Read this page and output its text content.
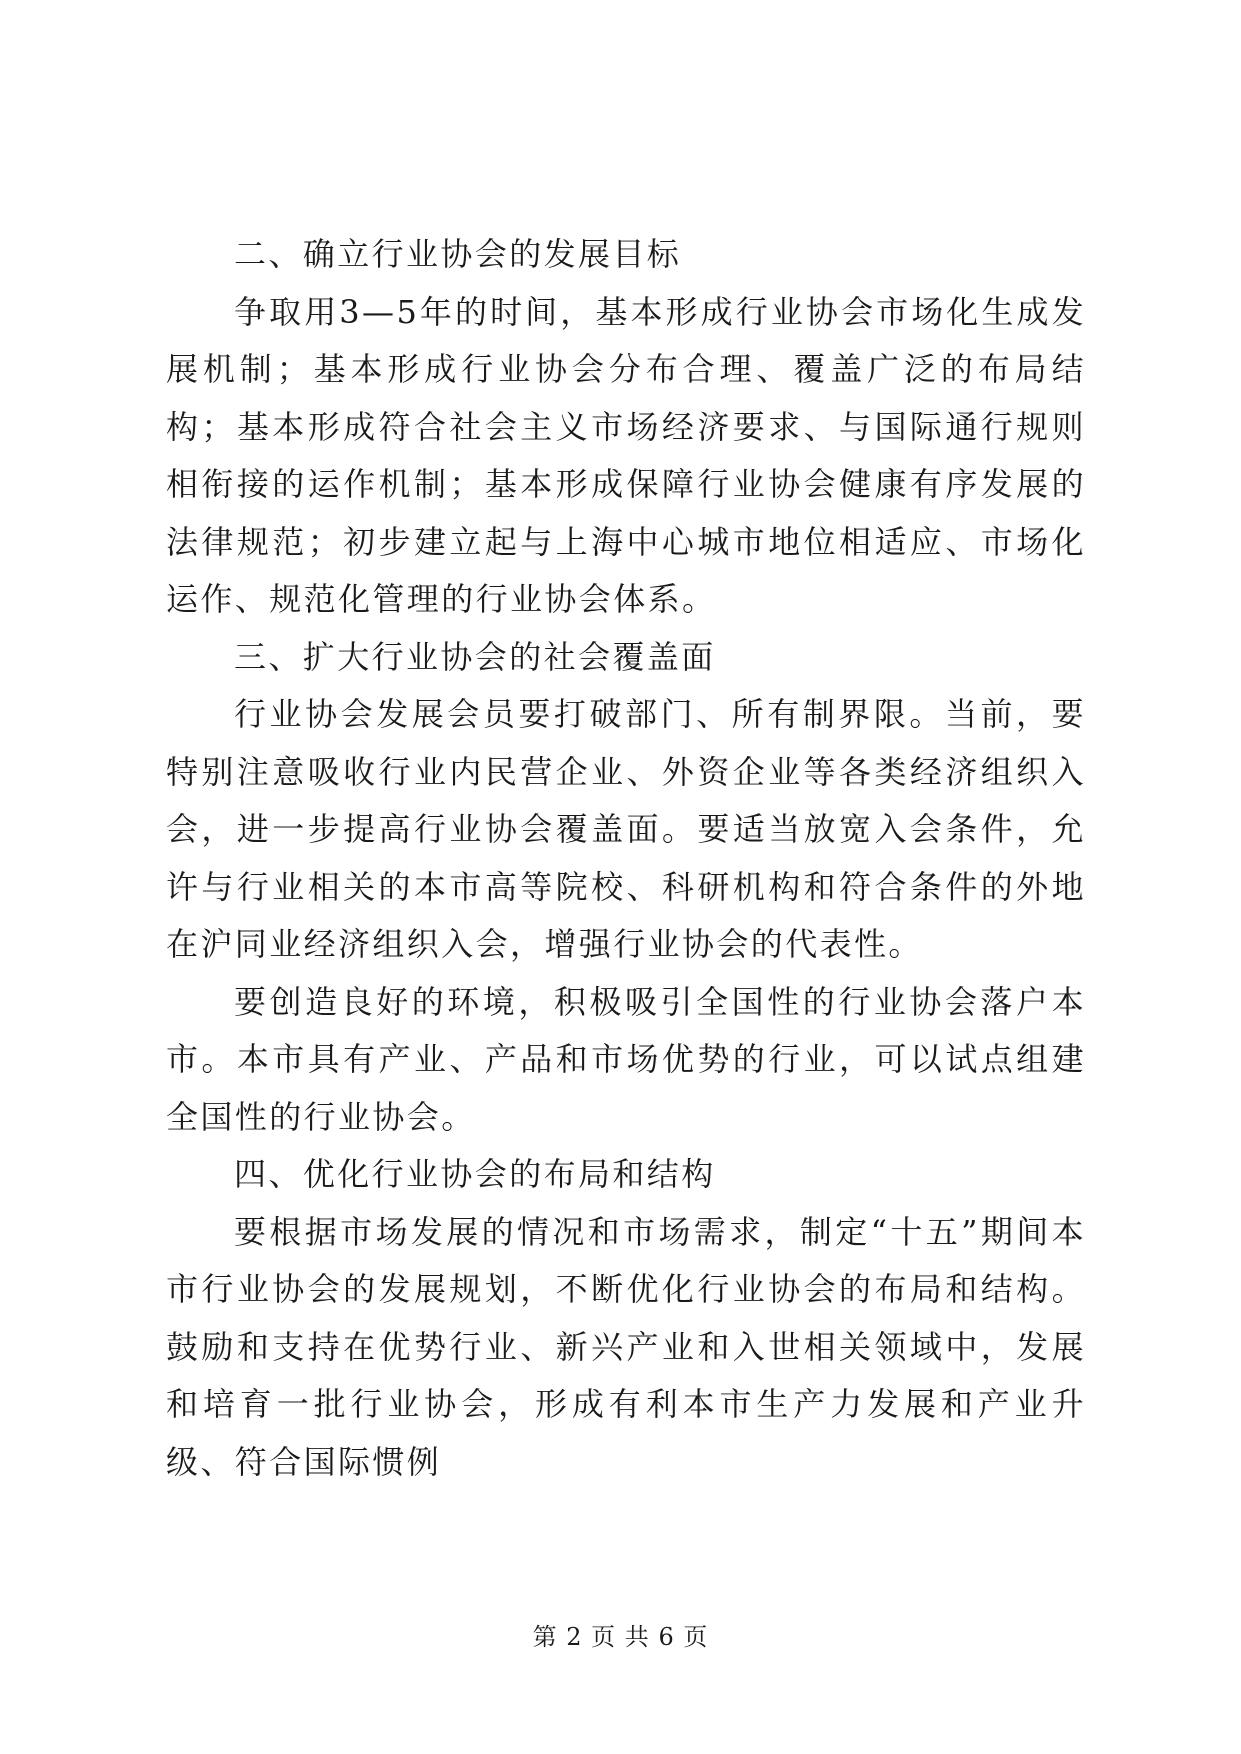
二、确立行业协会的发展目标

争取用3—5年的时间，基本形成行业协会市场化生成发展机制；基本形成行业协会分布合理、覆盖广泛的布局结构；基本形成符合社会主义市场经济要求、与国际通行规则相衔接的运作机制；基本形成保障行业协会健康有序发展的法律规范；初步建立起与上海中心城市地位相适应、市场化运作、规范化管理的行业协会体系。

三、扩大行业协会的社会覆盖面

行业协会发展会员要打破部门、所有制界限。当前，要特别注意吸收行业内民营企业、外资企业等各类经济组织入会，进一步提高行业协会覆盖面。要适当放宽入会条件，允许与行业相关的本市高等院校、科研机构和符合条件的外地在沪同业经济组织入会，增强行业协会的代表性。

要创造良好的环境，积极吸引全国性的行业协会落户本市。本市具有产业、产品和市场优势的行业，可以试点组建全国性的行业协会。

四、优化行业协会的布局和结构

要根据市场发展的情况和市场需求，制定“十五”期间本市行业协会的发展规划，不断优化行业协会的布局和结构。鼓励和支持在优势行业、新兴产业和入世相关领域中，发展和培育一批行业协会，形成有利本市生产力发展和产业升级、符合国际惯例

第 2 页 共 6 页
